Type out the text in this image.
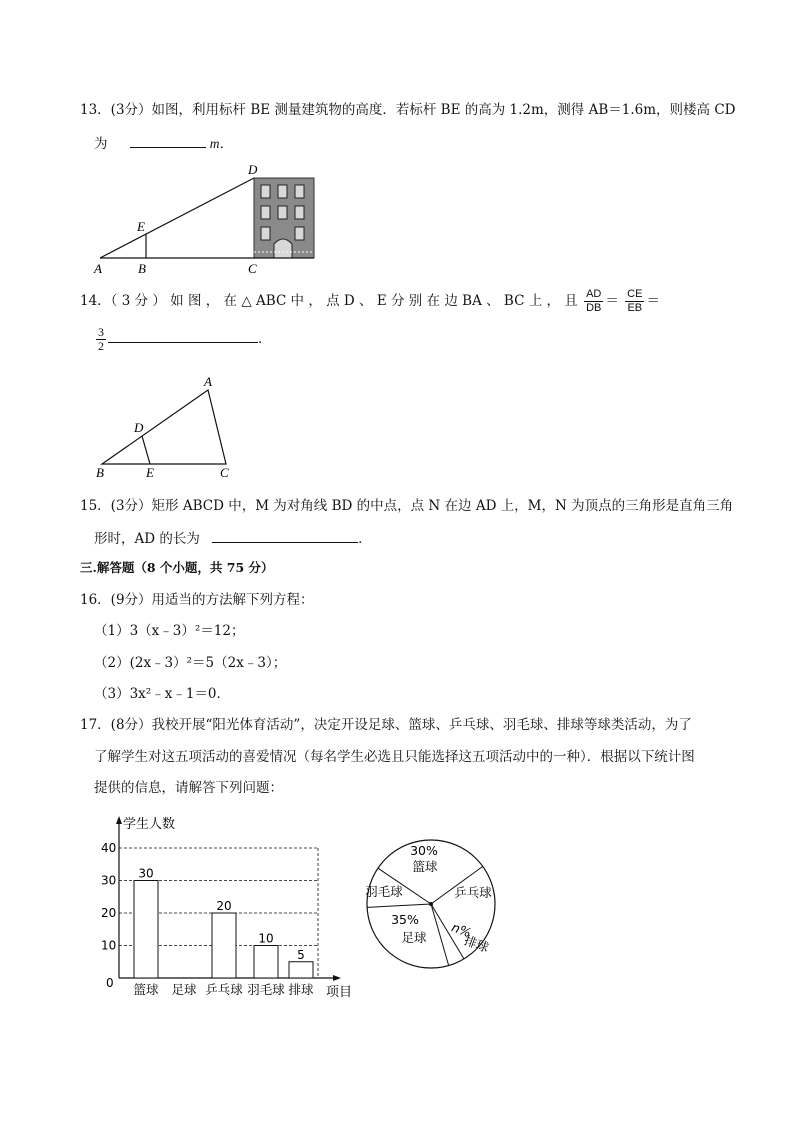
13．(3分）如图，利用标杆 BE 测量建筑物的高度．若标杆 BE 的高为 1.2m，测得 AB＝1.6m，则楼高 CD
为	m．
A	B	C
D
E
14．（ 3 分 ） 如 图 ， 在 △ ABC 中 ， 点 D 、 E 分 别 在 边 BA 、 BC 上 ， 且 $\frac{AD}{DB} = \frac{CE}{EB}$ ＝
$\frac{3}{2}$	．
A
B	C
D
E
15．(3分）矩形 ABCD 中，M 为对角线 BD 的中点，点 N 在边 AD 上，M，N 为顶点的三角形是直角三角
形时，AD 的长为	．
三.解答题（8 个小题，共 75 分）
16．(9分）用适当的方法解下列方程：
（1）3（x﹣3）²＝12；
（2）(2x﹣3）²＝5（2x﹣3）；
（3）3x²﹣x﹣1＝0．
17．(8分）我校开展“阳光体育活动”，决定开设足球、篮球、乒乓球、羽毛球、排球等球类活动，为了
了解学生对这五项活动的喜爱情况（每名学生必选且只能选择这五项活动中的一种）．根据以下统计图
提供的信息，请解答下列问题：
学生人数
项目
0
10
20
30
40
篮球
30
足球 乒乓球
20
羽毛球
10
排球
5
30%
篮球
乒乓球
n%
排球
35%
足球
羽毛球
